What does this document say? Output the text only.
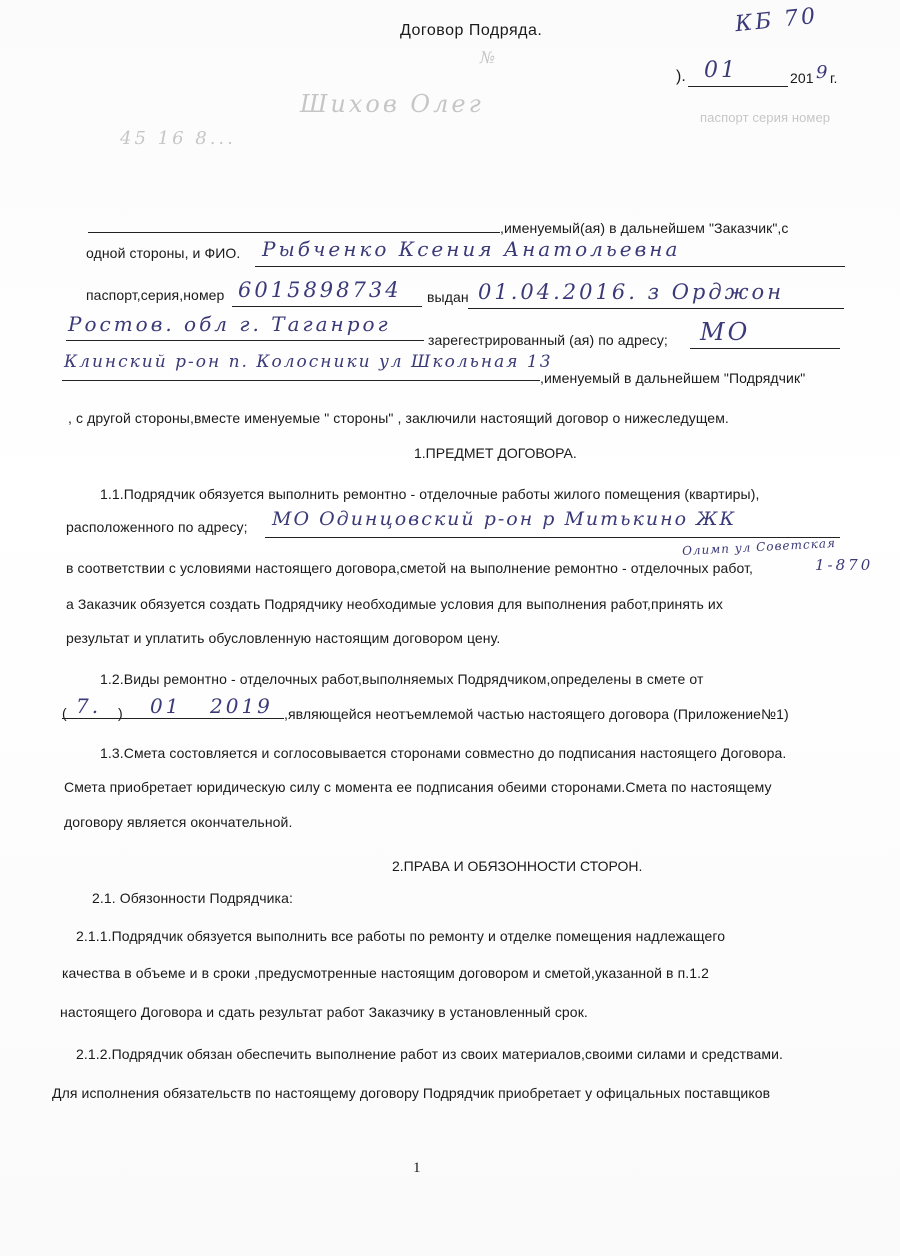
Договор Подряда.	КБ 70
№
Шихов Олег	паспорт серия номер
45 16 8...
). 01	201 9 г.
,именуемый(ая) в дальнейшем "Заказчик",с
одной стороны, и ФИО. Рыбченко Ксения Анатольевна
паспорт,серия,номер 6015898734 выдан 01.04.2016. з Орджон
Ростов. обл г. Таганрог
зарегестрированный (ая) по адресу; МО
Клинский р-он п. Колосники ул Школьная 13
,именуемый в дальнейшем "Подрядчик"
, с другой стороны,вместе именуемые " стороны" , заключили настоящий договор о нижеследущем.
1.ПРЕДМЕТ ДОГОВОРА.
1.1.Подрядчик обязуется выполнить ремонтно - отделочные работы жилого помещения (квартиры),
расположенного по адресу; МО Одинцовский р-он р Митькино ЖК
Олимп ул Советская
1-870
в соответствии с условиями настоящего договора,сметой на выполнение ремонтно - отделочных работ,
а Заказчик обязуется создать Подрядчику необходимые условия для выполнения работ,принять их
результат и уплатить обусловленную настоящим договором цену.
1.2.Виды ремонтно - отделочных работ,выполняемых Подрядчиком,определены в смете от
( 7. ) 01 2019 ,являющейся неотъемлемой частью настоящего договора (Приложение№1)
1.3.Смета состовляется и соглосовывается сторонами совместно до подписания настоящего Договора.
Смета приобретает юридическую силу с момента ее подписания обеими сторонами.Смета по настоящему
договору является окончательной.
2.ПРАВА И ОБЯЗОННОСТИ СТОРОН.
2.1. Обязонности Подрядчика:
2.1.1.Подрядчик обязуется выполнить все работы по ремонту и отделке помещения надлежащего
качества в объеме и в сроки ,предусмотренные настоящим договором и сметой,указанной в п.1.2
настоящего Договора и сдать результат работ Заказчику в установленный срок.
2.1.2.Подрядчик обязан обеспечить выполнение работ из своих материалов,своими силами и средствами.
Для исполнения обязательств по настоящему договору Подрядчик приобретает у офицальных поставщиков
1
